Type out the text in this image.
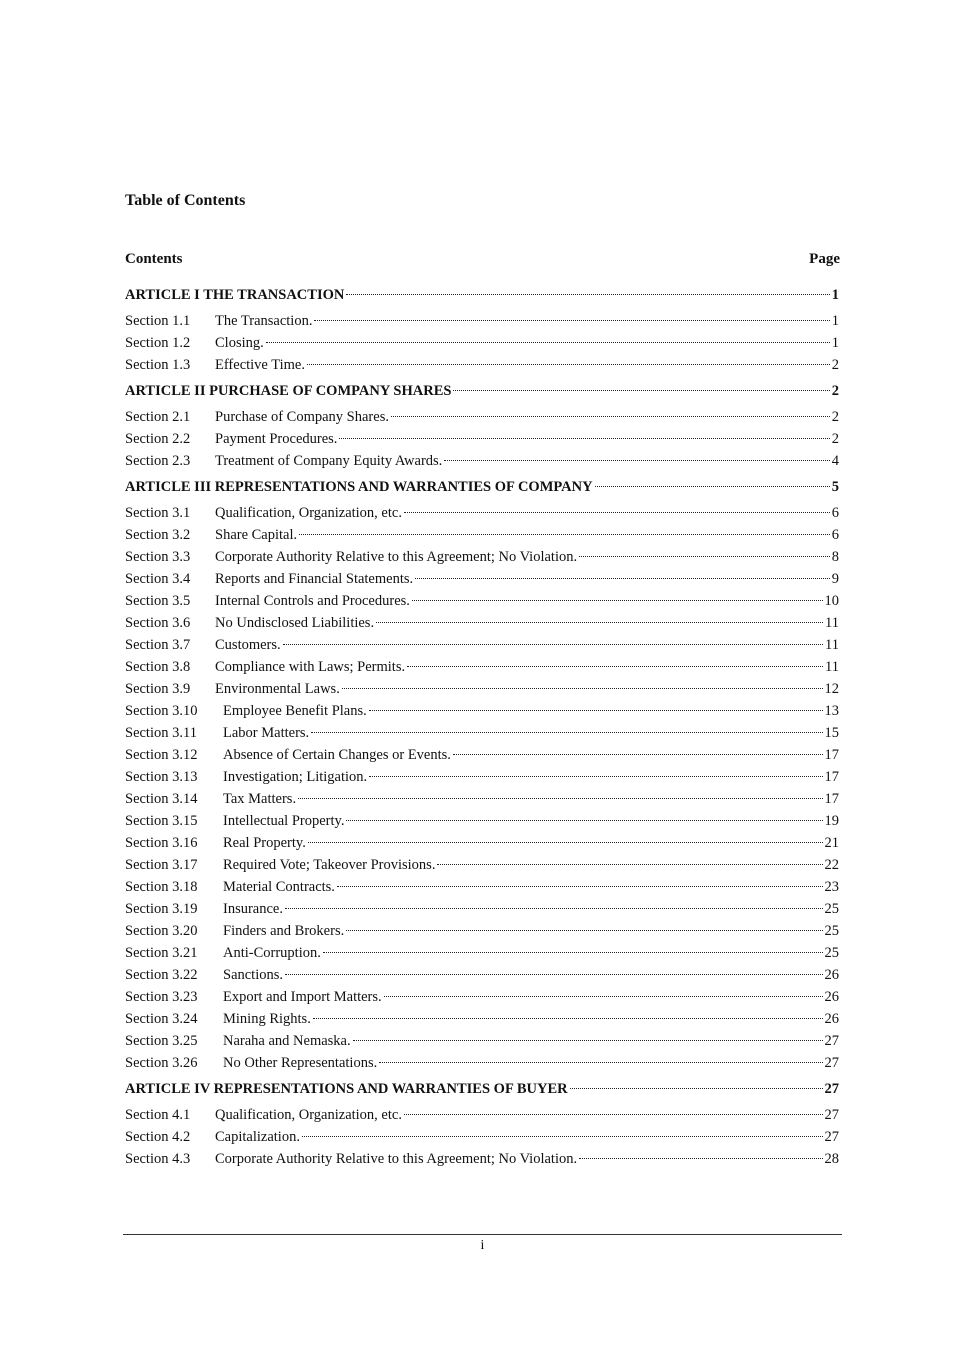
Table of Contents
Contents	Page
ARTICLE I THE TRANSACTION	1
Section 1.1	The Transaction.	1
Section 1.2	Closing.	1
Section 1.3	Effective Time.	2
ARTICLE II PURCHASE OF COMPANY SHARES	2
Section 2.1	Purchase of Company Shares.	2
Section 2.2	Payment Procedures.	2
Section 2.3	Treatment of Company Equity Awards.	4
ARTICLE III REPRESENTATIONS AND WARRANTIES OF COMPANY	5
Section 3.1	Qualification, Organization, etc.	6
Section 3.2	Share Capital.	6
Section 3.3	Corporate Authority Relative to this Agreement; No Violation.	8
Section 3.4	Reports and Financial Statements.	9
Section 3.5	Internal Controls and Procedures.	10
Section 3.6	No Undisclosed Liabilities.	11
Section 3.7	Customers.	11
Section 3.8	Compliance with Laws; Permits.	11
Section 3.9	Environmental Laws.	12
Section 3.10	Employee Benefit Plans.	13
Section 3.11	Labor Matters.	15
Section 3.12	Absence of Certain Changes or Events.	17
Section 3.13	Investigation; Litigation.	17
Section 3.14	Tax Matters.	17
Section 3.15	Intellectual Property.	19
Section 3.16	Real Property.	21
Section 3.17	Required Vote; Takeover Provisions.	22
Section 3.18	Material Contracts.	23
Section 3.19	Insurance.	25
Section 3.20	Finders and Brokers.	25
Section 3.21	Anti-Corruption.	25
Section 3.22	Sanctions.	26
Section 3.23	Export and Import Matters.	26
Section 3.24	Mining Rights.	26
Section 3.25	Naraha and Nemaska.	27
Section 3.26	No Other Representations.	27
ARTICLE IV REPRESENTATIONS AND WARRANTIES OF BUYER	27
Section 4.1	Qualification, Organization, etc.	27
Section 4.2	Capitalization.	27
Section 4.3	Corporate Authority Relative to this Agreement; No Violation.	28
i
